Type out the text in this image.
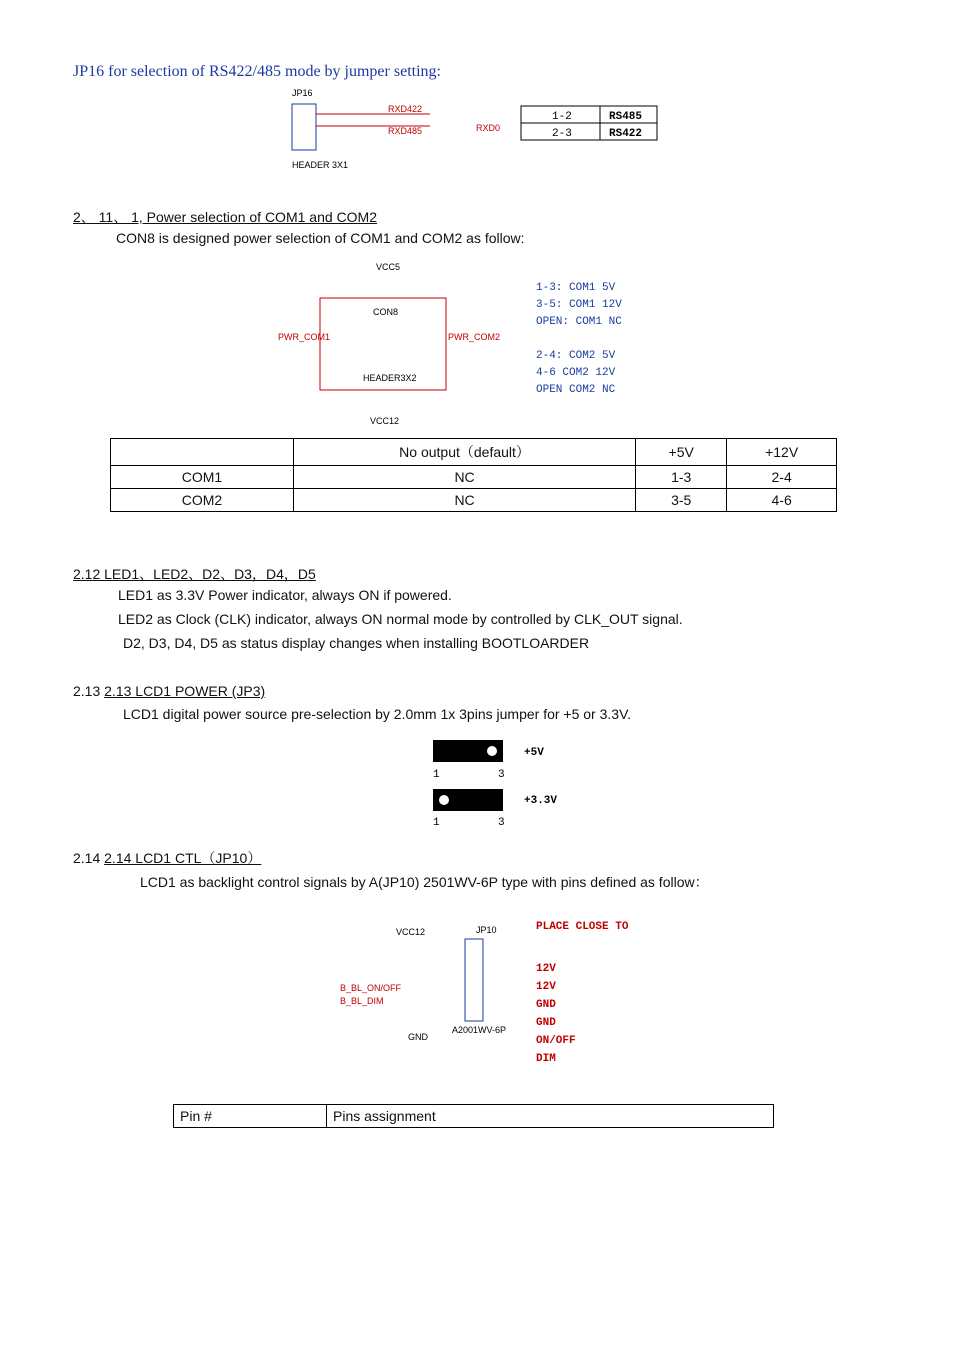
JP16 for selection of RS422/485 mode by jumper setting:
JP16
RXD422
RXD485	RXD0
HEADER 3X1
1-2	RS485
2-3	RS422
2、 11、 1, Power selection of COM1 and COM2
CON8 is designed power selection of COM1 and COM2 as follow:
VCC5
CON8
PWR_COM1	PWR_COM2
HEADER3X2
VCC12
1-3: COM1 5V
3-5: COM1 12V
OPEN: COM1 NC
2-4: COM2 5V
4-6 COM2 12V
OPEN COM2 NC
	No output（default）	+5V	+12V
COM1	NC	1-3	2-4
COM2	NC	3-5	4-6
2.12 LED1、LED2、D2、D3，D4，D5
LED1 as 3.3V Power indicator, always ON if powered.
LED2 as Clock (CLK) indicator, always ON normal mode by controlled by CLK_OUT signal.
D2, D3, D4, D5 as status display changes when installing BOOTLOARDER
2.13 2.13 LCD1 POWER (JP3)
LCD1 digital power source pre-selection by 2.0mm 1x 3pins jumper for +5 or 3.3V.
+5V
1	3
+3.3V
1	3
2.14 2.14 LCD1 CTL（JP10）
LCD1 as backlight control signals by A(JP10) 2501WV-6P type with pins defined as follow：
VCC12	JP10
B_BL_ON/OFF
B_BL_DIM
GND
A2001WV-6P
PLACE CLOSE TO
12V
12V
GND
GND
ON/OFF
DIM
Pin #	Pins assignment
